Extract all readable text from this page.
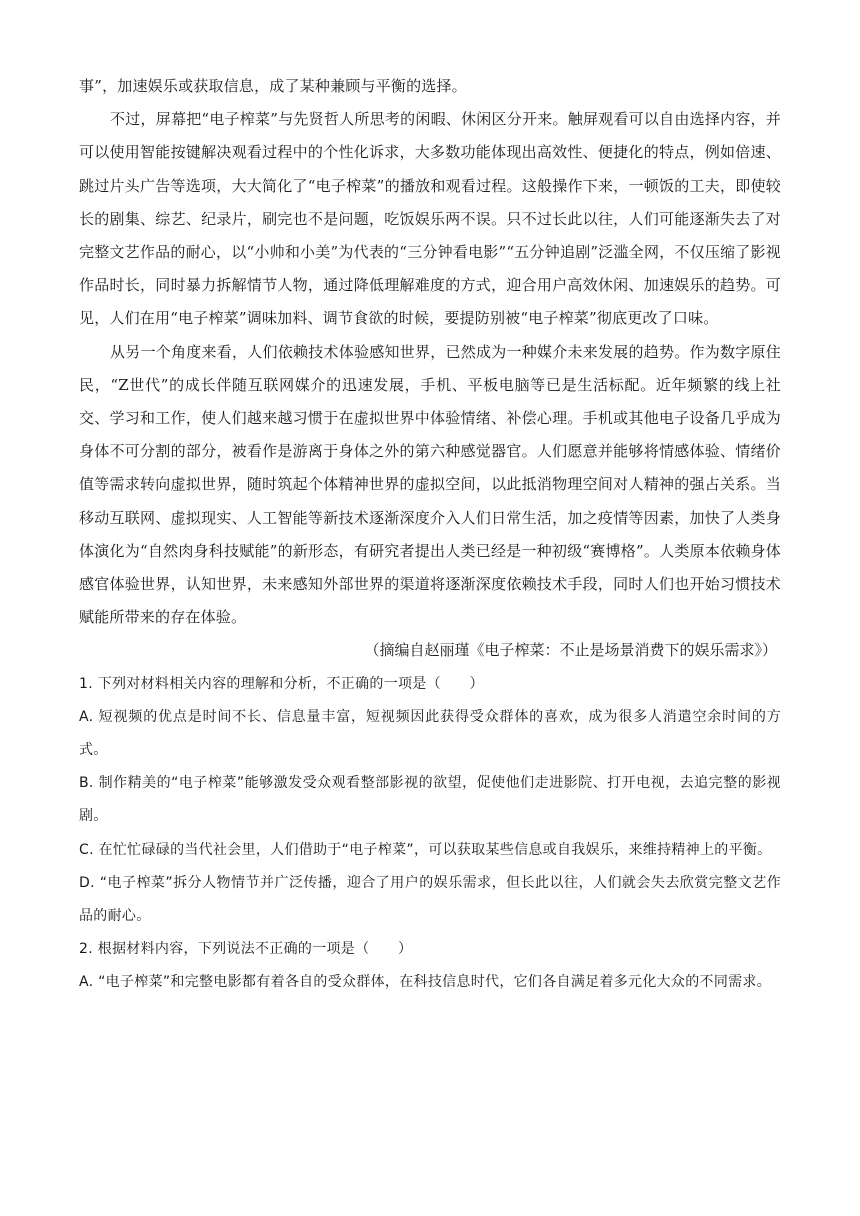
事”，加速娱乐或获取信息，成了某种兼顾与平衡的选择。

不过，屏幕把“电子榨菜”与先贤哲人所思考的闲暇、休闲区分开来。触屏观看可以自由选择内容，并可以使用智能按键解决观看过程中的个性化诉求，大多数功能体现出高效性、便捷化的特点，例如倍速、跳过片头广告等选项，大大简化了“电子榨菜”的播放和观看过程。这般操作下来，一顿饭的工夫，即使较长的剧集、综艺、纪录片，刷完也不是问题，吃饭娱乐两不误。只不过长此以往，人们可能逐渐失去了对完整文艺作品的耐心，以“小帅和小美”为代表的“三分钟看电影”“五分钟追剧”泛滥全网，不仅压缩了影视作品时长，同时暴力拆解情节人物，通过降低理解难度的方式，迎合用户高效休闲、加速娱乐的趋势。可见，人们在用“电子榨菜”调味加料、调节食欲的时候，要提防别被“电子榨菜”彻底更改了口味。

从另一个角度来看，人们依赖技术体验感知世界，已然成为一种媒介未来发展的趋势。作为数字原住民，“Z世代”的成长伴随互联网媒介的迅速发展，手机、平板电脑等已是生活标配。近年频繁的线上社交、学习和工作，使人们越来越习惯于在虚拟世界中体验情绪、补偿心理。手机或其他电子设备几乎成为身体不可分割的部分，被看作是游离于身体之外的第六种感觉器官。人们愿意并能够将情感体验、情绪价值等需求转向虚拟世界，随时筑起个体精神世界的虚拟空间，以此抵消物理空间对人精神的强占关系。当移动互联网、虚拟现实、人工智能等新技术逐渐深度介入人们日常生活，加之疫情等因素，加快了人类身体演化为“自然肉身科技赋能”的新形态，有研究者提出人类已经是一种初级“赛博格”。人类原本依赖身体感官体验世界，认知世界，未来感知外部世界的渠道将逐渐深度依赖技术手段，同时人们也开始习惯技术赋能所带来的存在体验。

（摘编自赵丽瑾《电子榨菜：不止是场景消费下的娱乐需求》）

1. 下列对材料相关内容的理解和分析，不正确的一项是（　　）

A. 短视频的优点是时间不长、信息量丰富，短视频因此获得受众群体的喜欢，成为很多人消遣空余时间的方式。

B. 制作精美的“电子榨菜”能够激发受众观看整部影视的欲望，促使他们走进影院、打开电视，去追完整的影视剧。

C. 在忙忙碌碌的当代社会里，人们借助于“电子榨菜”，可以获取某些信息或自我娱乐，来维持精神上的平衡。

D. “电子榨菜”拆分人物情节并广泛传播，迎合了用户的娱乐需求，但长此以往，人们就会失去欣赏完整文艺作品的耐心。

2. 根据材料内容，下列说法不正确的一项是（　　）

A. “电子榨菜”和完整电影都有着各自的受众群体，在科技信息时代，它们各自满足着多元化大众的不同需求。
